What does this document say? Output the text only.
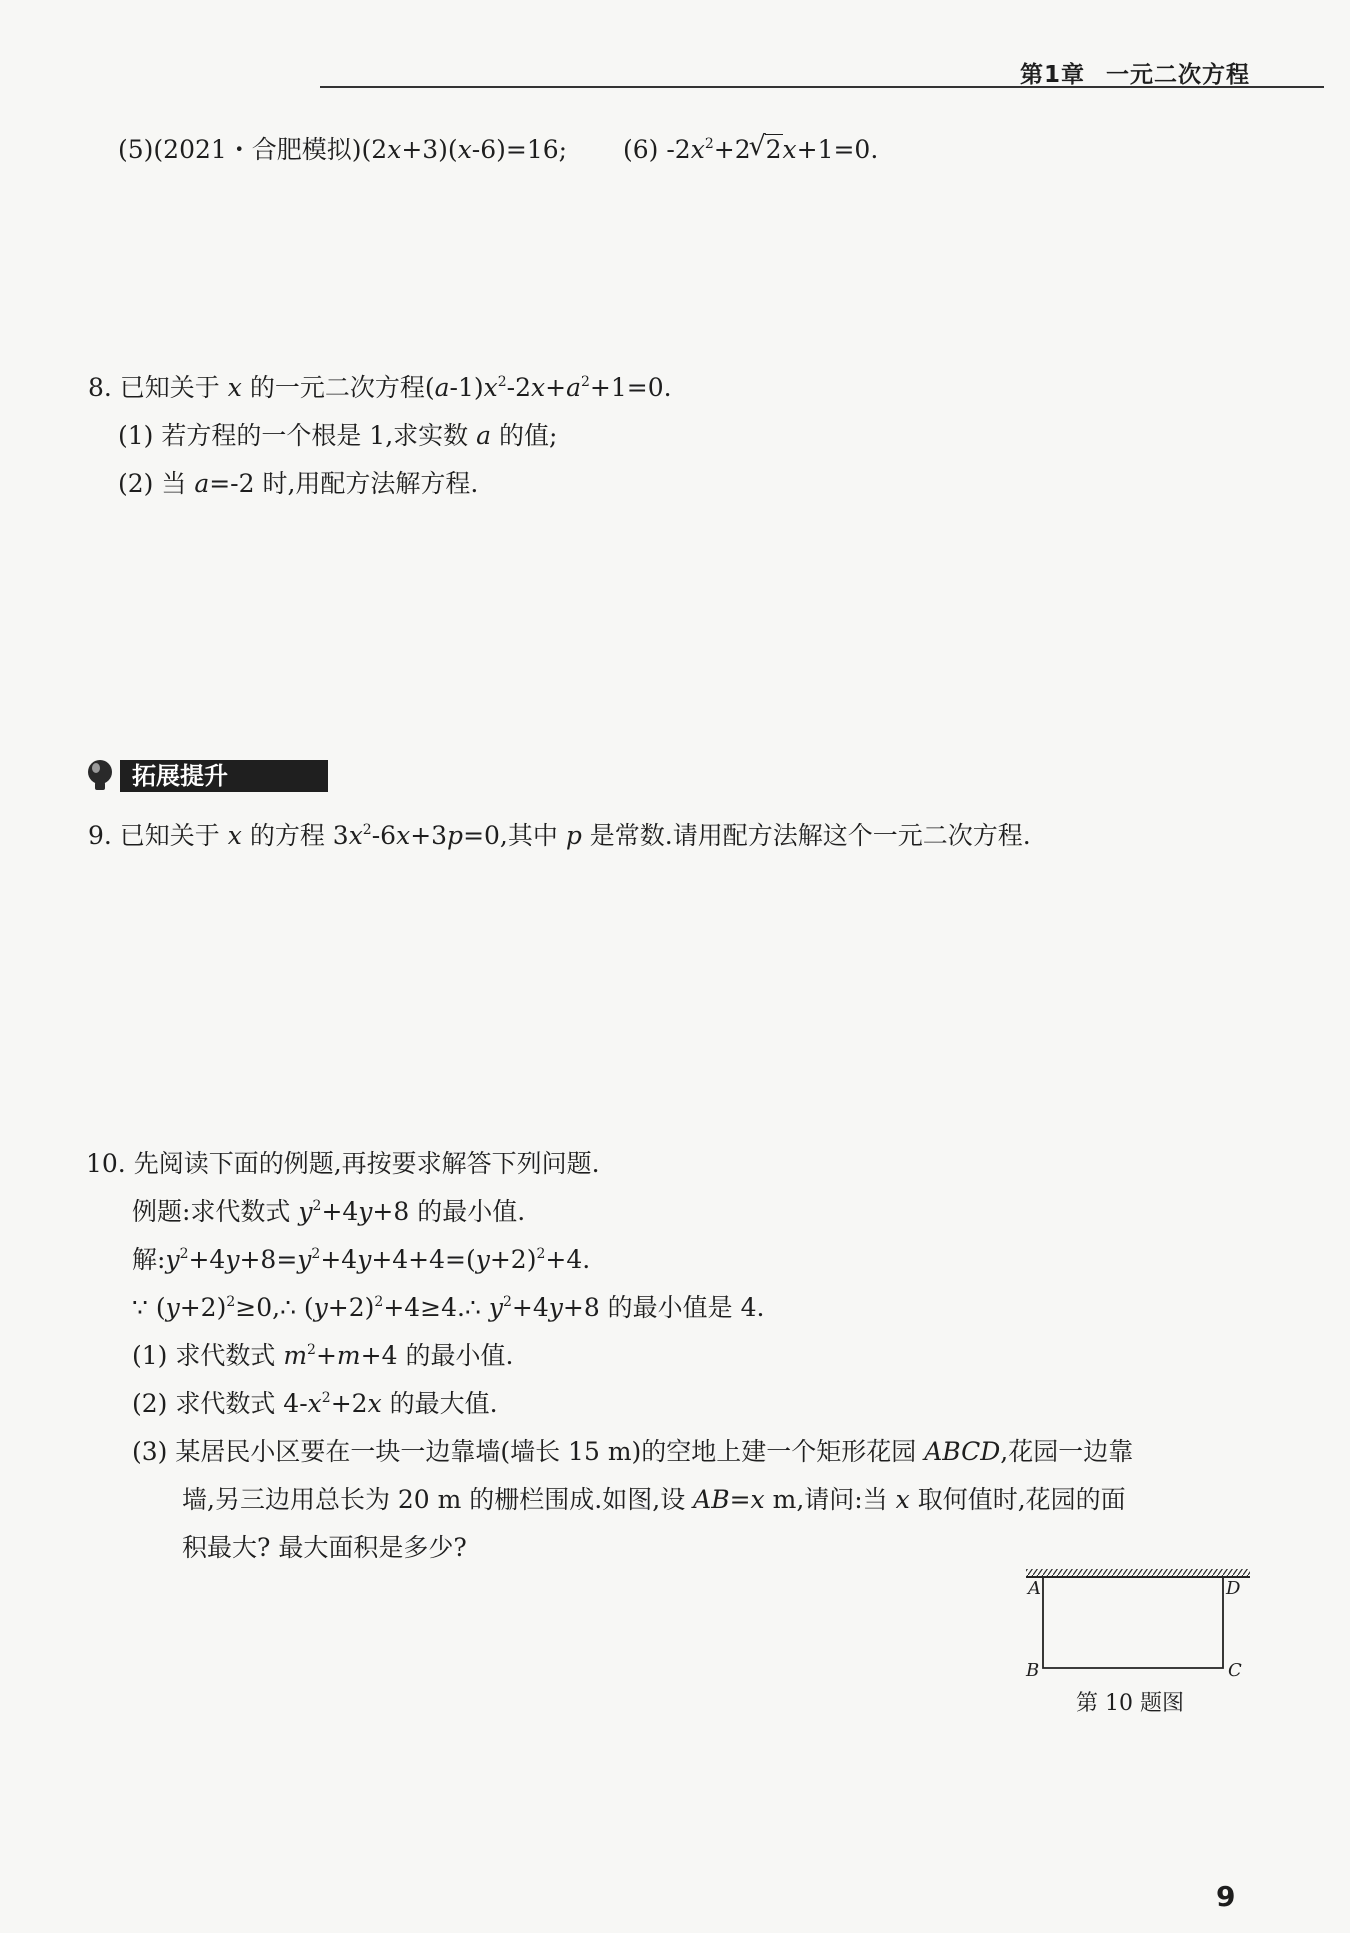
第1章 一元二次方程
(5)(2021・合肥模拟)(2x+3)(x-6)=16; (6) $-2x^2+2√$ 2x+1=0.
8. 已知关于 x 的一元二次方程$(a-1)x^2-2x+a^2+1=0$.
(1) 若方程的一个根是 1,求实数 a 的值;
(2) 当 a=-2 时,用配方法解方程.
拓展提升
9. 已知关于 x 的方程 $3x^2-6x+3p=0$,其中 p 是常数.请用配方法解这个一元二次方程.
10. 先阅读下面的例题,再按要求解答下列问题.
例题:求代数式 $y^2+4y+8$ 的最小值.
解$:y^2+4y+8=y^2+4y+4+4=(y+2)^2+4$.
∵ $(y+2)^2\ge 0,\therefore$ $(y+2)^2+4\ge 4.\therefore$ $y^2+4y+8$ 的最小值是 4.
(1) 求代数式 $m^2+m+4$ 的最小值.
(2) 求代数式 $4-x^2+2x$ 的最大值.
(3) 某居民小区要在一块一边靠墙(墙长 15 m)的空地上建一个矩形花园 ABCD,花园一边靠
墙,另三边用总长为 20 m 的栅栏围成.如图,设 AB=x m,请问:当 x 取何值时,花园的面
积最大? 最大面积是多少?
A
B	C
D
第 10 题图
9
